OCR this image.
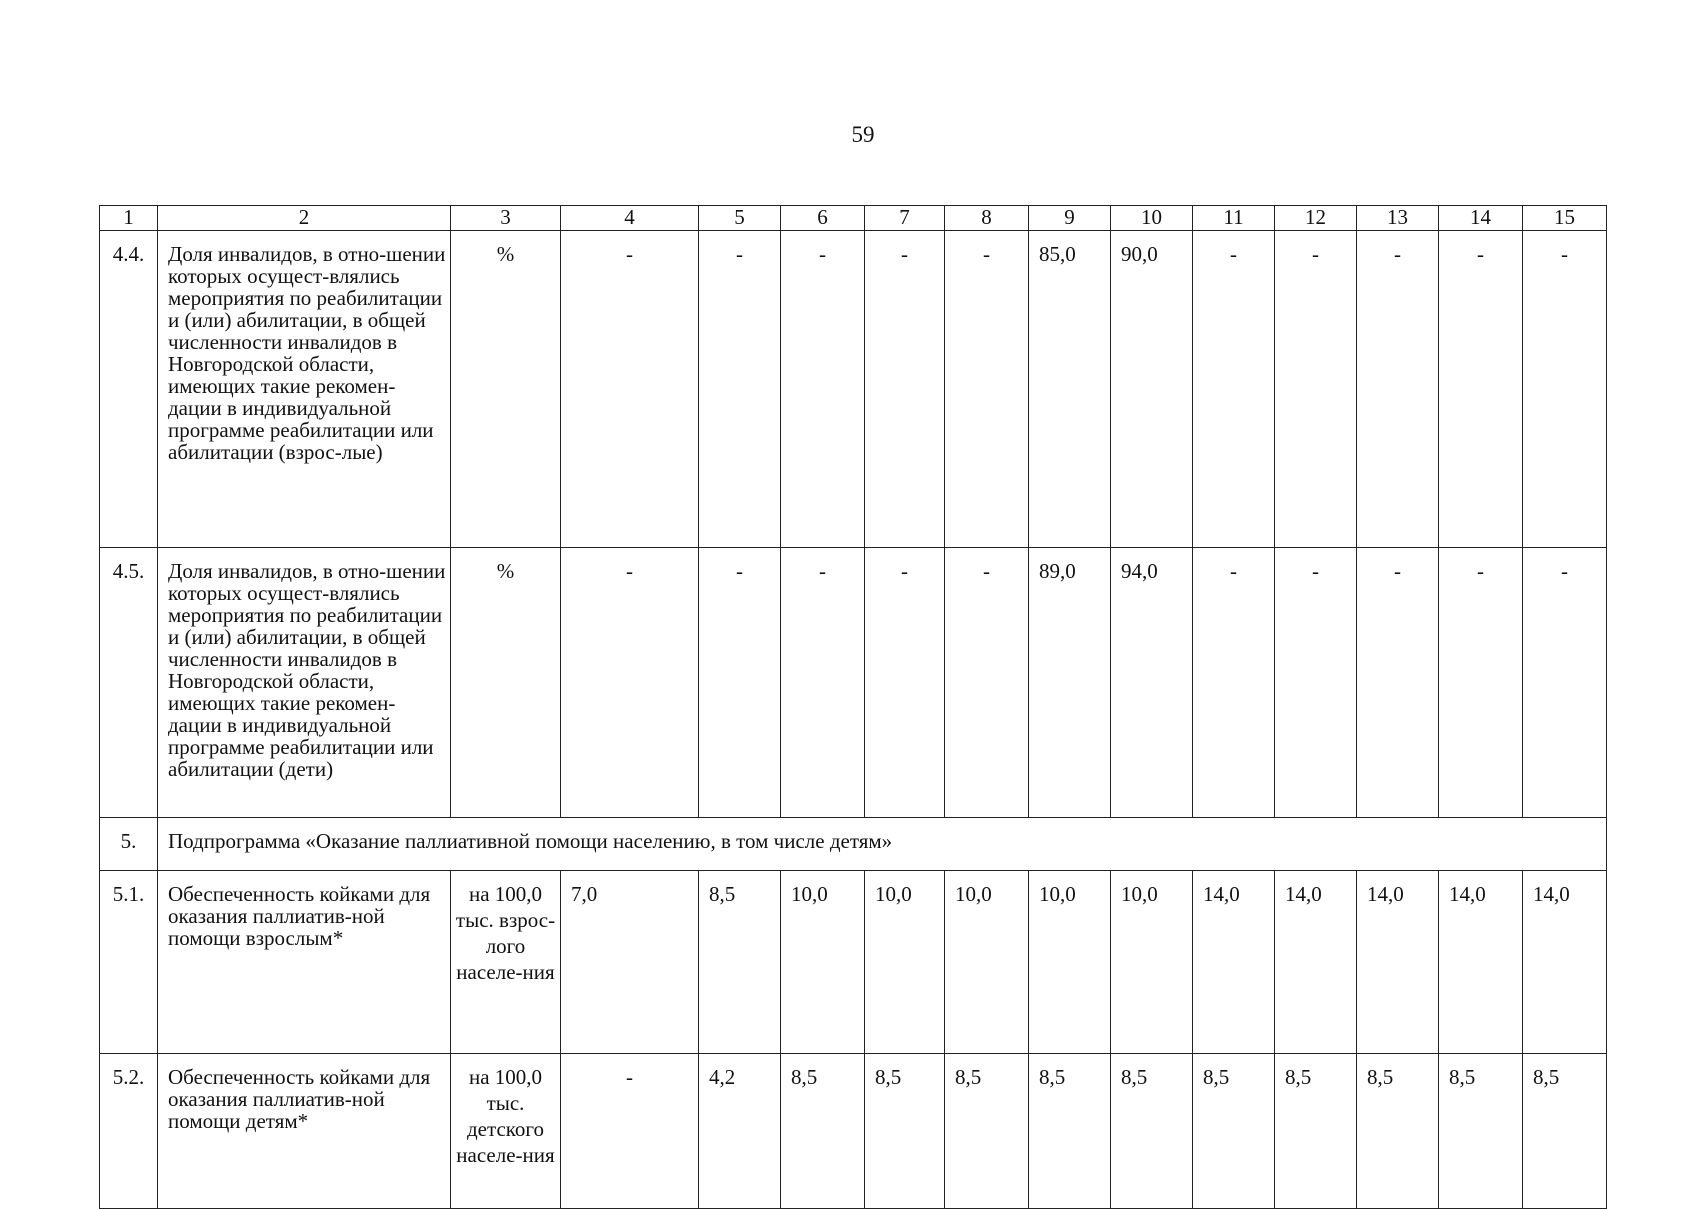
59
1	2	3	4	5	6	7	8	9	10	11	12	13	14	15
4.4.	Доля инвалидов, в отно-шении которых осущест-влялись мероприятия по реабилитации и (или) абилитации, в общей численности инвалидов в Новгородской области, имеющих такие рекомен-дации в индивидуальной программе реабилитации или абилитации (взрос-лые)	%	-	-	-	-	-	85,0	90,0	-	-	-	-	-
4.5.	Доля инвалидов, в отно-шении которых осущест-влялись мероприятия по реабилитации и (или) абилитации, в общей численности инвалидов в Новгородской области, имеющих такие рекомен-дации в индивидуальной программе реабилитации или абилитации (дети)	%	-	-	-	-	-	89,0	94,0	-	-	-	-	-
5.	Подпрограмма «Оказание паллиативной помощи населению, в том числе детям»													
5.1.	Обеспеченность койками для оказания паллиатив-ной помощи взрослым*	на 100,0 тыс. взрос-лого населе-ния	7,0	8,5	10,0	10,0	10,0	10,0	10,0	14,0	14,0	14,0	14,0	14,0
5.2.	Обеспеченность койками для оказания паллиатив-ной помощи детям*	на 100,0 тыс. детского населе-ния	-	4,2	8,5	8,5	8,5	8,5	8,5	8,5	8,5	8,5	8,5	8,5
